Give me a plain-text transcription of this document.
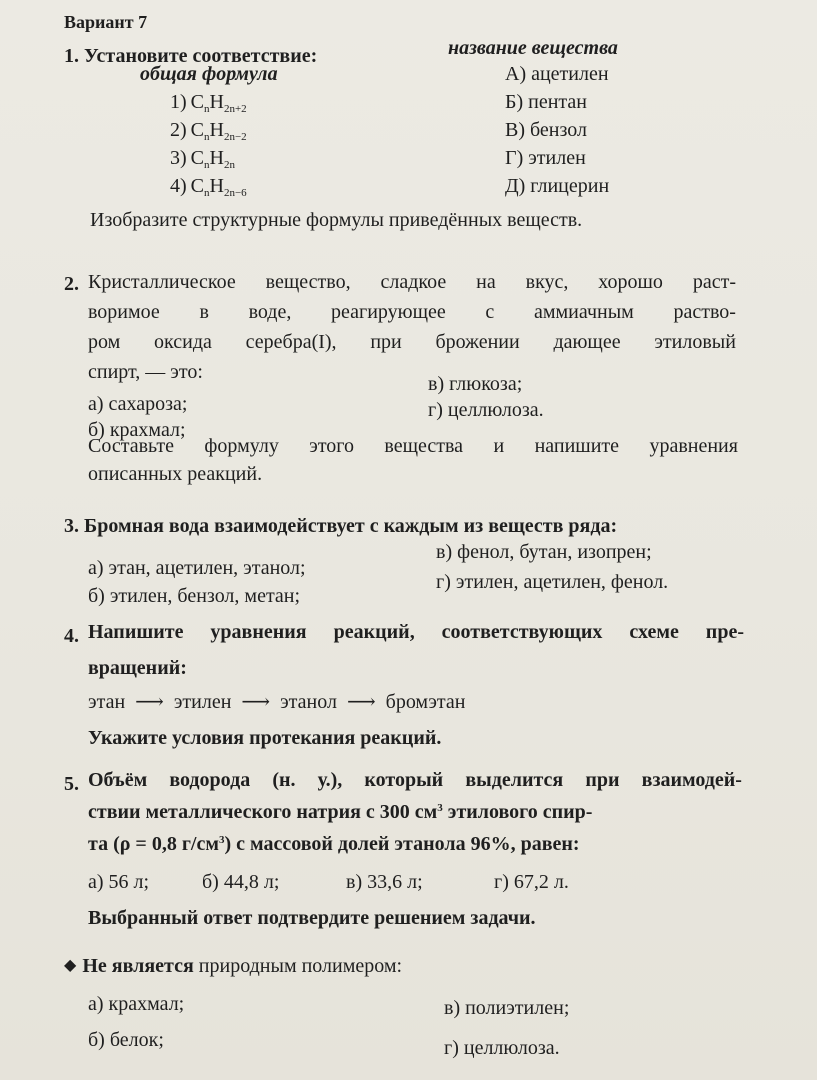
Вариант 7
1. Установите соответствие:	название вещества
общая формула
1) $C_nH_{2n+2}$
2) $C_nH_{2n-2}$
3) $C_nH_{2n}$
4) $C_nH_{2n-6}$
А) ацетилен
Б) пентан
В) бензол
Г) этилен
Д) глицерин
Изобразите структурные формулы приведённых веществ.
2. Кристаллическое вещество, сладкое на вкус, хорошо раст-
воримое в воде, реагирующее с аммиачным раство-
ром оксида серебра(I), при брожении дающее этиловый
спирт, — это:
а) сахароза;
б) крахмал;
в) глюкоза;
г) целлюлоза.
Составьте формулу этого вещества и напишите уравнения
описанных реакций.
3. Бромная вода взаимодействует с каждым из веществ ряда:
а) этан, ацетилен, этанол;
б) этилен, бензол, метан;
в) фенол, бутан, изопрен;
г) этилен, ацетилен, фенол.
4. Напишите уравнения реакций, соответствующих схеме пре-
вращений:
этан ⟶ этилен ⟶ этанол ⟶ бромэтан
Укажите условия протекания реакций.
5. Объём водорода (н. у.), который выделится при взаимодей-
ствии металлического натрия с 300 $см^3$ этилового спир-
та (ρ = 0,8 $г/см^3$) с массовой долей этанола 96%, равен:
а) 56 л;	б) 44,8 л;	в) 33,6 л;	г) 67,2 л.
Выбранный ответ подтвердите решением задачи.
◆ Не является природным полимером:
а) крахмал;
б) белок;
в) полиэтилен;
г) целлюлоза.
